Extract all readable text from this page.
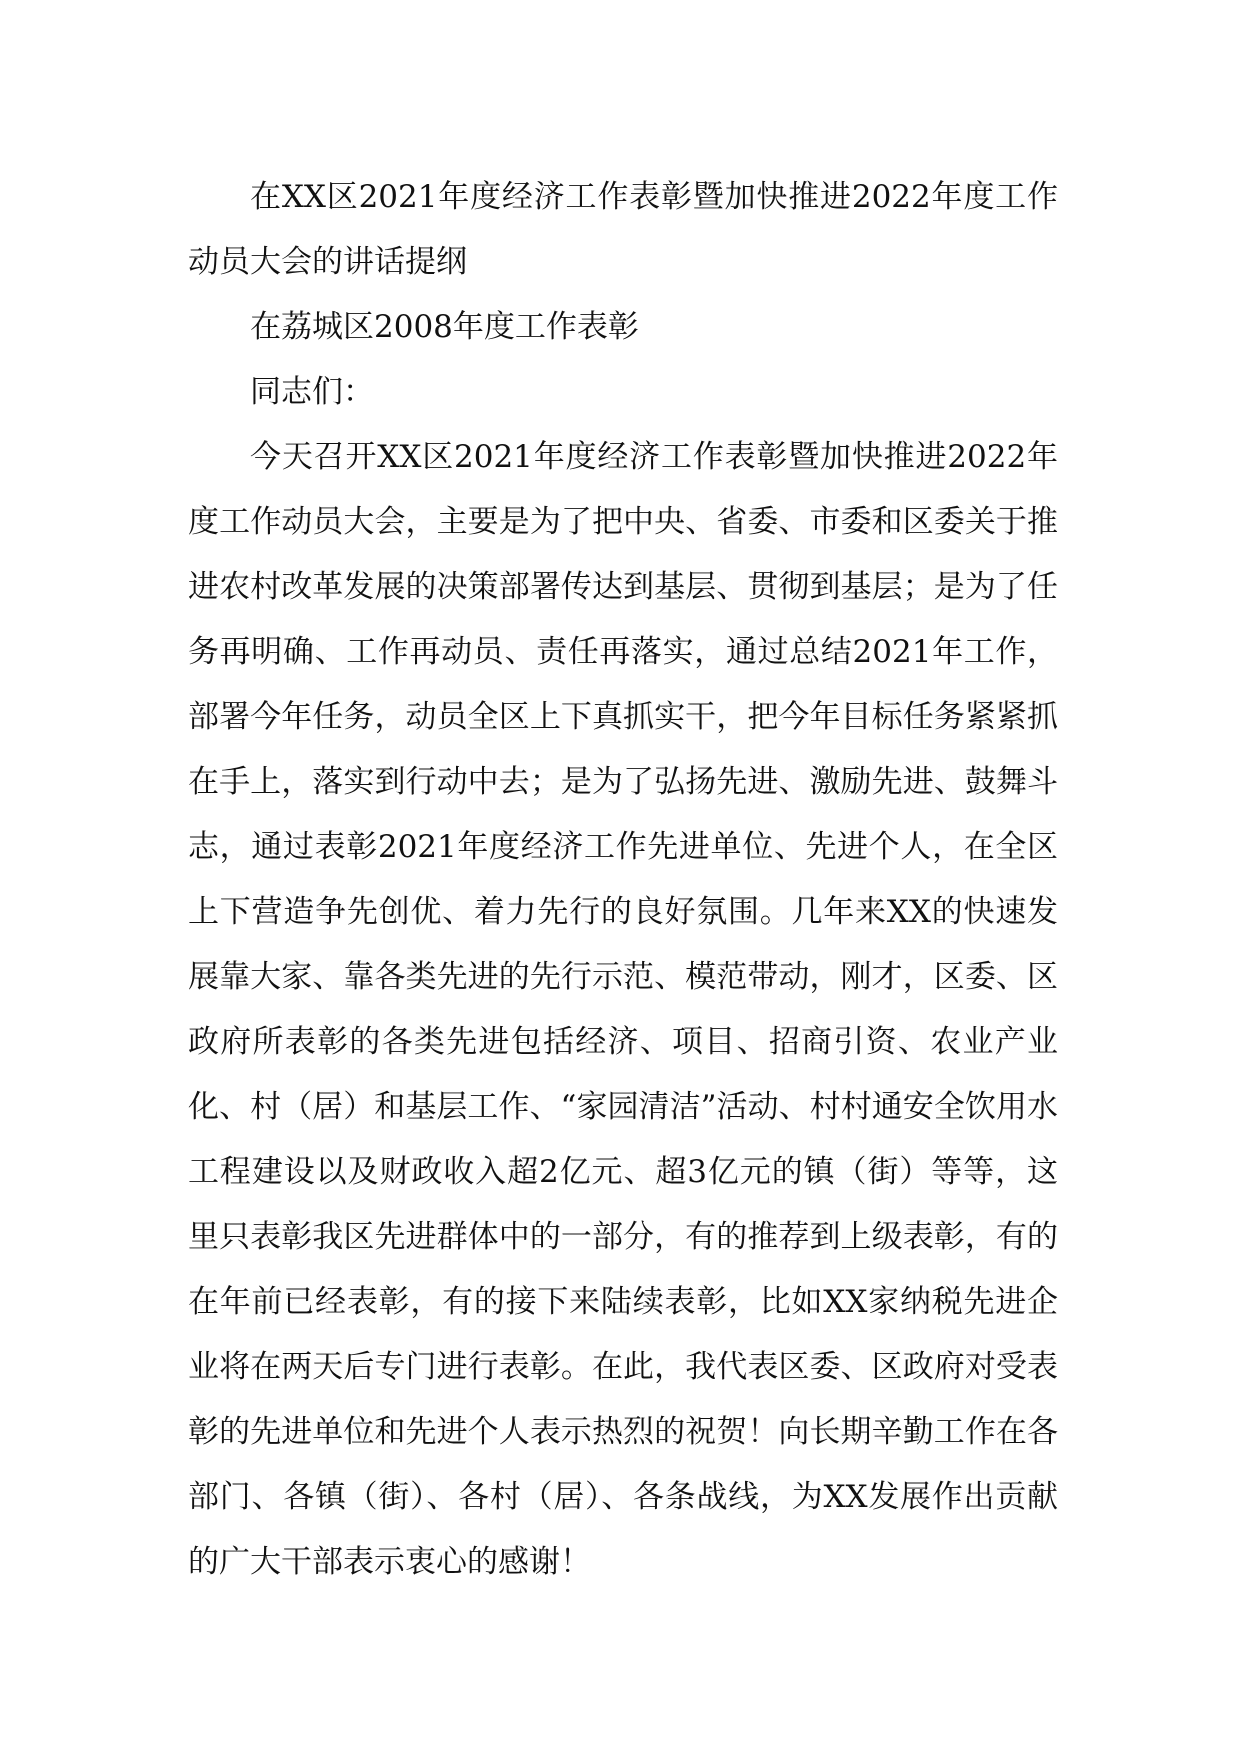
在XX区2021年度经济工作表彰暨加快推进2022年度工作动员大会的讲话提纲

在荔城区2008年度工作表彰

同志们：

今天召开XX区2021年度经济工作表彰暨加快推进2022年度工作动员大会，主要是为了把中央、省委、市委和区委关于推进农村改革发展的决策部署传达到基层、贯彻到基层；是为了任务再明确、工作再动员、责任再落实，通过总结2021年工作，部署今年任务，动员全区上下真抓实干，把今年目标任务紧紧抓在手上，落实到行动中去；是为了弘扬先进、激励先进、鼓舞斗志，通过表彰2021年度经济工作先进单位、先进个人，在全区上下营造争先创优、着力先行的良好氛围。几年来XX的快速发展靠大家、靠各类先进的先行示范、模范带动，刚才，区委、区政府所表彰的各类先进包括经济、项目、招商引资、农业产业化、村（居）和基层工作、“家园清洁”活动、村村通安全饮用水工程建设以及财政收入超2亿元、超3亿元的镇（街）等等，这里只表彰我区先进群体中的一部分，有的推荐到上级表彰，有的在年前已经表彰，有的接下来陆续表彰，比如XX家纳税先进企业将在两天后专门进行表彰。在此，我代表区委、区政府对受表彰的先进单位和先进个人表示热烈的祝贺！向长期辛勤工作在各部门、各镇（街）、各村（居）、各条战线，为XX发展作出贡献的广大干部表示衷心的感谢！
